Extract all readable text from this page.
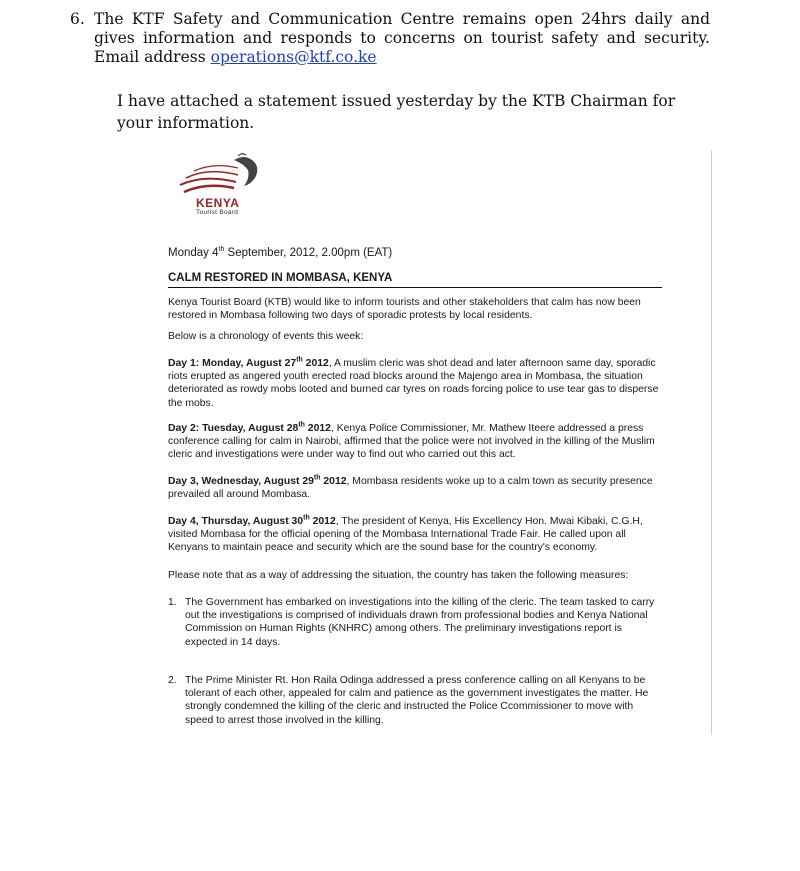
6. The KTF Safety and Communication Centre remains open 24hrs daily and gives information and responds to concerns on tourist safety and security. Email address operations@ktf.co.ke
I have attached a statement issued yesterday by the KTB Chairman for your information.
KENYA
Tourist Board
Monday 4th September, 2012, 2.00pm (EAT)
CALM RESTORED IN MOMBASA, KENYA
Kenya Tourist Board (KTB) would like to inform tourists and other stakeholders that calm has now been restored in Mombasa following two days of sporadic protests by local residents.
Below is a chronology of events this week:
Day 1: Monday, August 27th 2012, A muslim cleric was shot dead and later afternoon same day, sporadic riots erupted as angered youth erected road blocks around the Majengo area in Mombasa, the situation deteriorated as rowdy mobs looted and burned car tyres on roads forcing police to use tear gas to disperse the mobs.
Day 2: Tuesday, August 28th 2012, Kenya Police Commissioner, Mr. Mathew Iteere addressed a press conference calling for calm in Nairobi, affirmed that the police were not involved in the killing of the Muslim cleric and investigations were under way to find out who carried out this act.
Day 3, Wednesday, August 29th 2012, Mombasa residents woke up to a calm town as security presence prevailed all around Mombasa.
Day 4, Thursday, August 30th 2012, The president of Kenya, His Excellency Hon. Mwai Kibaki, C.G.H, visited Mombasa for the official opening of the Mombasa International Trade Fair. He called upon all Kenyans to maintain peace and security which are the sound base for the country's economy.
Please note that as a way of addressing the situation, the country has taken the following measures:
1. The Government has embarked on investigations into the killing of the cleric. The team tasked to carry out the investigations is comprised of individuals drawn from professional bodies and Kenya National Commission on Human Rights (KNHRC) among others. The preliminary investigations report is expected in 14 days.
2. The Prime Minister Rt. Hon Raila Odinga addressed a press conference calling on all Kenyans to be tolerant of each other, appealed for calm and patience as the government investigates the matter. He strongly condemned the killing of the cleric and instructed the Police Ccommissioner to move with speed to arrest those involved in the killing.
